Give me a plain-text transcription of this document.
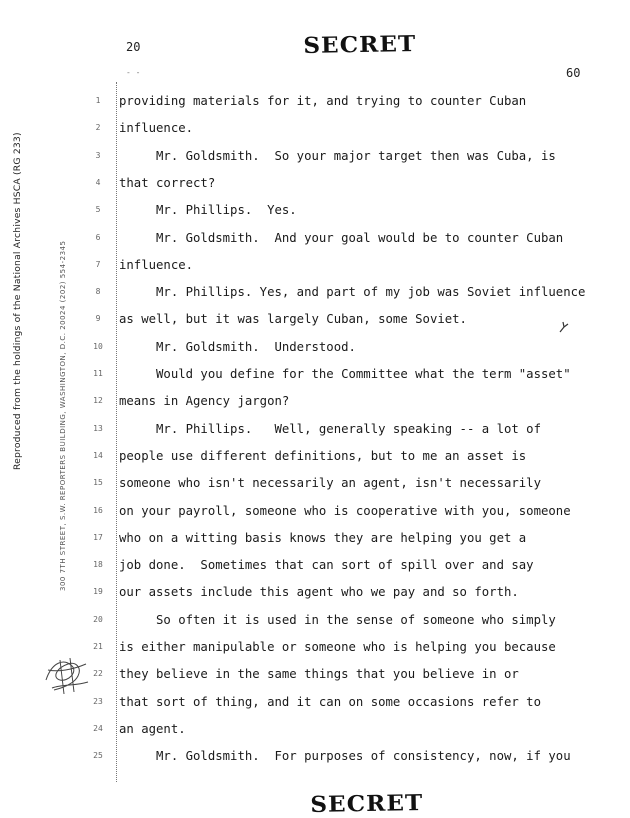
Reproduced from the holdings of the National Archives HSCA (RG 233)	300 7TH STREET, S.W. REPORTERS BUILDING, WASHINGTON, D.C. 20024 (202) 554-2345
20	SECRET
- -	60
1	providing materials for it, and trying to counter Cuban
2	influence.
3	Mr. Goldsmith.  So your major target then was Cuba, is
4	that correct?
5	Mr. Phillips.  Yes.
6	Mr. Goldsmith.  And your goal would be to counter Cuban
7	influence.
8	Mr. Phillips. Yes, and part of my job was Soviet influence
9	as well, but it was largely Cuban, some Soviet.
10 Mr. Goldsmith.  Understood.
11 Would you define for the Committee what the term "asset"
12 means in Agency jargon?
13 Mr. Phillips.   Well, generally speaking -- a lot of
14 people use different definitions, but to me an asset is
15 someone who isn't necessarily an agent, isn't necessarily
16 on your payroll, someone who is cooperative with you, someone
17 who on a witting basis knows they are helping you get a
18 job done.  Sometimes that can sort of spill over and say
19 our assets include this agent who we pay and so forth.
20 So often it is used in the sense of someone who simply
21 is either manipulable or someone who is helping you because
22 they believe in the same things that you believe in or
23 that sort of thing, and it can on some occasions refer to
24 an agent.
25 Mr. Goldsmith.  For purposes of consistency, now, if you
SECRET
